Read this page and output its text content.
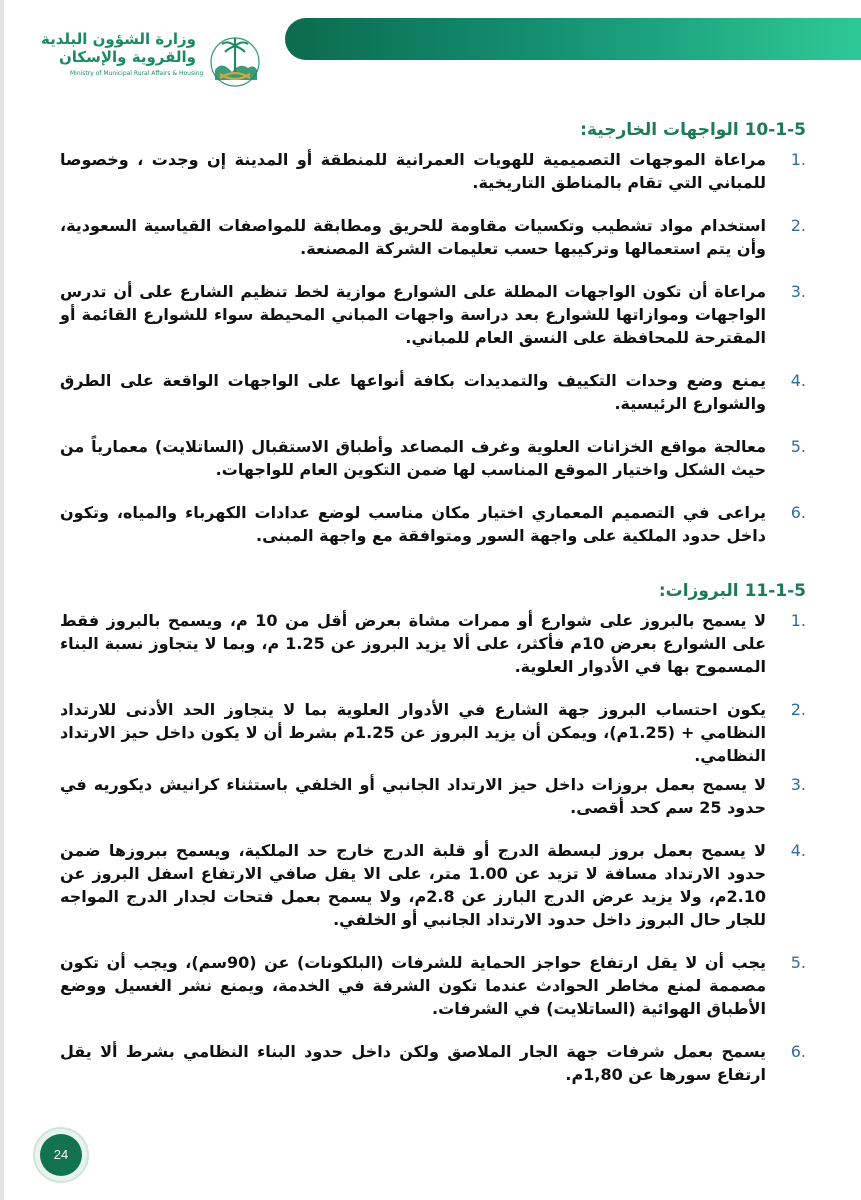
وزارة الشؤون البلدية
والقروية والإسكان
Ministry of Municipal Rural Affairs & Housing
10-1-5 الواجهات الخارجية:

1.
مراعاة الموجهات التصميمية للهويات العمرانية للمنطقة أو المدينة إن وجدت ، وخصوصا للمباني التي تقام بالمناطق التاريخية.

2.
استخدام مواد تشطيب وتكسيات مقاومة للحريق ومطابقة للمواصفات القياسية السعودية، وأن يتم استعمالها وتركيبها حسب تعليمات الشركة المصنعة.

3.
مراعاة أن تكون الواجهات المطلة على الشوارع موازية لخط تنظيم الشارع على أن تدرس الواجهات وموازاتها للشوارع بعد دراسة واجهات المباني المحيطة سواء للشوارع القائمة أو المقترحة للمحافظة على النسق العام للمباني.

4.
يمنع وضع وحدات التكييف والتمديدات بكافة أنواعها على الواجهات الواقعة على الطرق والشوارع الرئيسية.

5.
معالجة مواقع الخزانات العلوية وغرف المصاعد وأطباق الاستقبال (الساتلايت) معمارياً من حيث الشكل واختيار الموقع المناسب لها ضمن التكوين العام للواجهات.

6.
يراعى في التصميم المعماري اختيار مكان مناسب لوضع عدادات الكهرباء والمياه، وتكون داخل حدود الملكية على واجهة السور ومتوافقة مع واجهة المبنى.

11-1-5 البروزات:

1.
لا يسمح بالبروز على شوارع أو ممرات مشاة بعرض أقل من 10 م، ويسمح بالبروز فقط على الشوارع بعرض 10م فأكثر، على ألا يزيد البروز عن 1.25 م، وبما لا يتجاوز نسبة البناء المسموح بها في الأدوار العلوية.

2.
يكون احتساب البروز جهة الشارع في الأدوار العلوية بما لا يتجاوز الحد الأدنى للارتداد النظامي + (1.25م)، ويمكن أن يزيد البروز عن 1.25م بشرط أن لا يكون داخل حيز الارتداد النظامي.

3.
لا يسمح بعمل بروزات داخل حيز الارتداد الجانبي أو الخلفي باستثناء كرانيش ديكوريه في حدود 25 سم كحد أقصى.

4.
لا يسمح بعمل بروز لبسطة الدرج أو قلبة الدرج خارج حد الملكية، ويسمح ببروزها ضمن حدود الارتداد مسافة لا تزيد عن 1.00 متر، على الا يقل صافي الارتفاع اسفل البروز عن 2.10م، ولا يزيد عرض الدرج البارز عن 2.8م، ولا يسمح بعمل فتحات لجدار الدرج المواجه للجار حال البروز داخل حدود الارتداد الجانبي أو الخلفي.

5.
يجب أن لا يقل ارتفاع حواجز الحماية للشرفات (البلكونات) عن (90سم)، ويجب أن تكون مصممة لمنع مخاطر الحوادث عندما تكون الشرفة في الخدمة، ويمنع نشر الغسيل ووضع الأطباق الهوائية (الساتلايت) في الشرفات.

6.
يسمح بعمل شرفات جهة الجار الملاصق ولكن داخل حدود البناء النظامي بشرط ألا يقل ارتفاع سورها عن 1,80م.

24
